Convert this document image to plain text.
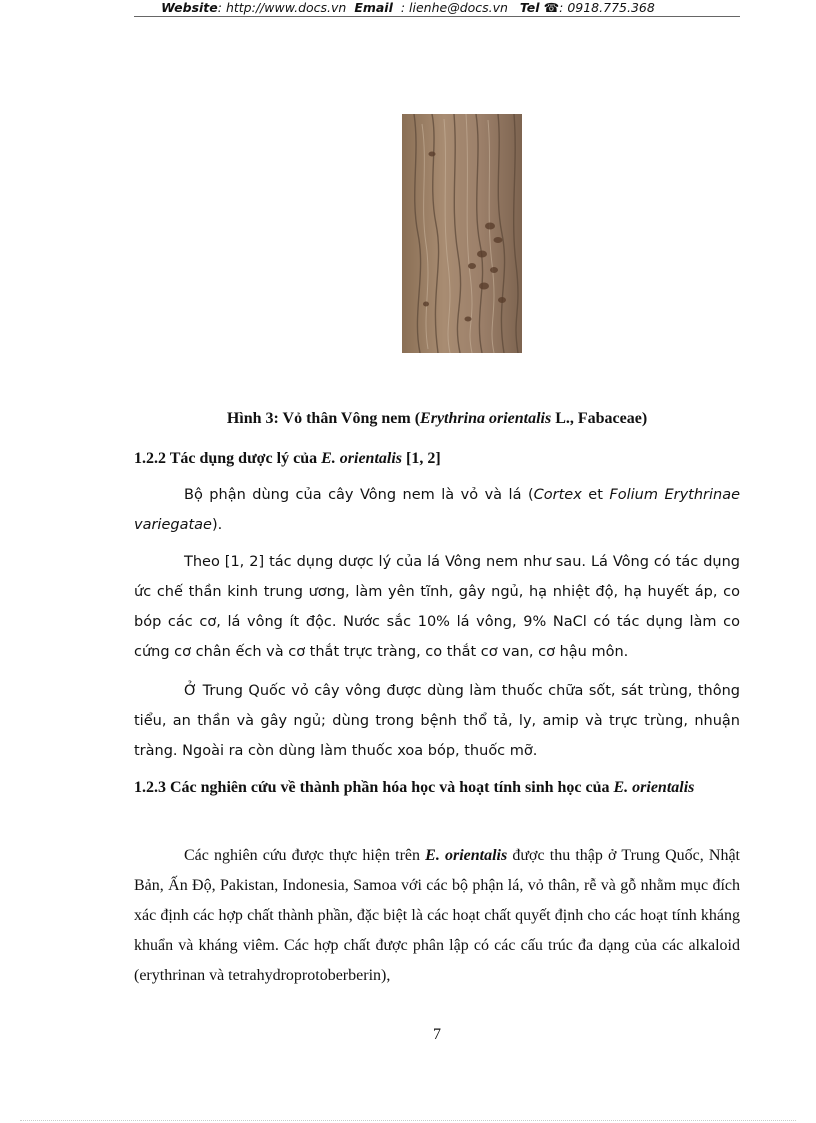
Website: http://www.docs.vn Email : lienhe@docs.vn Tel ☎: 0918.775.368
Hình 3: Vỏ thân Vông nem (Erythrina orientalis L., Fabaceae)
1.2.2 Tác dụng dược lý của E. orientalis [1, 2]
Bộ phận dùng của cây Vông nem là vỏ và lá (Cortex et Folium Erythrinae variegatae).
Theo [1, 2] tác dụng dược lý của lá Vông nem như sau. Lá Vông có tác dụng ức chế thần kinh trung ương, làm yên tĩnh, gây ngủ, hạ nhiệt độ, hạ huyết áp, co bóp các cơ, lá vông ít độc. Nước sắc 10% lá vông, 9% NaCl có tác dụng làm co cứng cơ chân ếch và cơ thắt trực tràng, co thắt cơ van, cơ hậu môn.
Ở Trung Quốc vỏ cây vông được dùng làm thuốc chữa sốt, sát trùng, thông tiểu, an thần và gây ngủ; dùng trong bệnh thổ tả, ly, amip và trực trùng, nhuận tràng. Ngoài ra còn dùng làm thuốc xoa bóp, thuốc mỡ.
1.2.3 Các nghiên cứu về thành phần hóa học và hoạt tính sinh học của E. orientalis
Các nghiên cứu được thực hiện trên E. orientalis được thu thập ở Trung Quốc, Nhật Bản, Ấn Độ, Pakistan, Indonesia, Samoa với các bộ phận lá, vỏ thân, rễ và gỗ nhằm mục đích xác định các hợp chất thành phần, đặc biệt là các hoạt chất quyết định cho các hoạt tính kháng khuẩn và kháng viêm. Các hợp chất được phân lập có các cấu trúc đa dạng của các alkaloid (erythrinan và tetrahydroprotoberberin),
7
